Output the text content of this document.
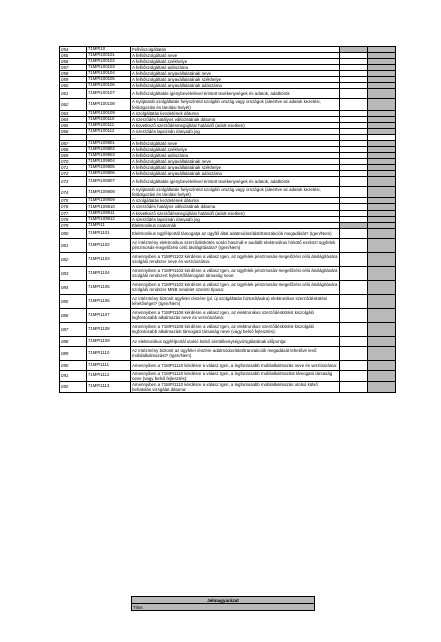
054	71MPI10	Felhőszolgáltatás		
055	71MPI100101	A felhőszolgáltató neve		
056	71MPI100102	A felhőszolgáltató székhelye		
057	71MPI100103	A felhőszolgáltató adószáma		
058	71MPI100104	A felhőszolgáltató anyavállalatának neve		
059	71MPI100105	A felhőszolgáltató anyavállalatának székhelye		
060	71MPI100106	A felhőszolgáltató anyavállalatának adószáma		
061	71MPI100107	A felhőszolgáltatás igénybevételével érintett tevékenységek és adatok, adatkörök		
062	71MPI100108	A nyújtandó szolgáltatás helyszínéül szolgáló ország vagy országok (ideértve az adatok kezelési, feldolgozási és tárolási helyét)		
063	71MPI100109	A szolgáltatás kezdetének dátuma		
064	71MPI100110	A szerződés hatályos változatának dátuma		
065	71MPI100111	A következő szerződésmegújítási határidő (adott esetben)		
066	71MPI100112	A szerződés lapozsán irányadó jog		
		...		
067	71MPI109901	A felhőszolgáltató neve		
068	71MPI109902	A felhőszolgáltató székhelye		
069	71MPI109903	A felhőszolgáltató adószáma		
070	71MPI109904	A felhőszolgáltató anyavállalatának neve		
071	71MPI109905	A felhőszolgáltató anyavállalatának székhelye		
072	71MPI109906	A felhőszolgáltató anyavállalatának adószáma		
073	71MPI109907	A felhőszolgáltatás igénybevételével érintett tevékenységek és adatok, adatkörök		
074	71MPI109908	A nyújtandó szolgáltatás helyszínéül szolgáló ország vagy országok (ideértve az adatok kezelési, feldolgozási és tárolási helyét)		
075	71MPI109909	A szolgáltatás kezdetének dátuma		
076	71MPI109910	A szerződés hatályos változatának dátuma		
077	71MPI109911	A következő szerződésmegújítási határidő (adott esetben)		
078	71MPI109912	A szerződés lapozsán irányadó jog		
079	71MPI11	Elektronikus csatornák		
080	71MPI1101	Elektronikus ügyfélportál támogatja az ügyfél által adatmódosítást/tranzakciók megadását? (Igen/Nem)		
081	71MPI1102	Az intézmény elektronikus szerződéskötés során használ-e auditált elektronikus hirkötő eszközt ügyfelek pénzmosás-megelőzési célú átvilágítására? (Igen/Nem)		
082	71MPI1103	Amennyiben a 71MPI1102 kérdésre a válasz Igen, az ügyfelek pénzmosás-megelőzési célú átvilágítására szolgáló rendszer neve és verziószáma:		
083	71MPI1104	Amennyiben a 71MPI1102 kérdésre a válasz Igen, az ügyfelek pénzmosás-megelőzési célú átvilágítására szolgáló rendszert fejlesztő/támogató társaság neve:		
084	71MPI1105	Amennyiben a 71MPI1102 kérdésre a válasz Igen, az ügyfelek pénzmosás-megelőzési célú átvilágítására szolgáló rendszer MNB rendelet szerinti típusa:		
085	71MPI1106	Az intézmény biztosít ügyfelei részére (pl. új szolgáltatás biztosítására) elektronikus szerződéskötési lehetőséget? (Igen/Nem)		
086	71MPI1107	Amennyiben a 71MPI1106 kérdésre a válasz Igen, az elektronikus szerződéskötést kiszolgáló legfontosabb alkalmazás neve és verziószáma:		
087	71MPI1108	Amennyiben a 71MPI1106 kérdésre a válasz Igen, az elektronikus szerződéskötést kiszolgáló legfontosabb alkalmazást támogató társaság neve (vagy belső fejlesztés):		
088	71MPI1109	Az elektronikus ügyfélportál utolsó külső sérülékenységvizsgálatának időpontja:		
089	71MPI1110	Az intézmény biztosít az ügyfelei részére adatmódosítást/tranzakciók megadását lehetővé tevő mobilalkalmazást? (Igen/Nem)		
090	71MPI1111	Amennyiben a 71MPI1110 kérdésre a válasz Igen, a legfontosabb mobilalkalmazás neve és verziószáma:		
091	71MPI1112	Amennyiben a 71MPI1110 kérdésre a válasz Igen, a legfontosabb mobilalkalmazást támogató társaság neve (vagy belső fejlesztés):		
092	71MPI1113	Amennyiben a 71MPI1110 kérdésre a válasz Igen, a legfontosabb mobilalkalmazás utolsó külső behatolás vizsgálat dátuma:		
Jelmagyarázat
Tilos
